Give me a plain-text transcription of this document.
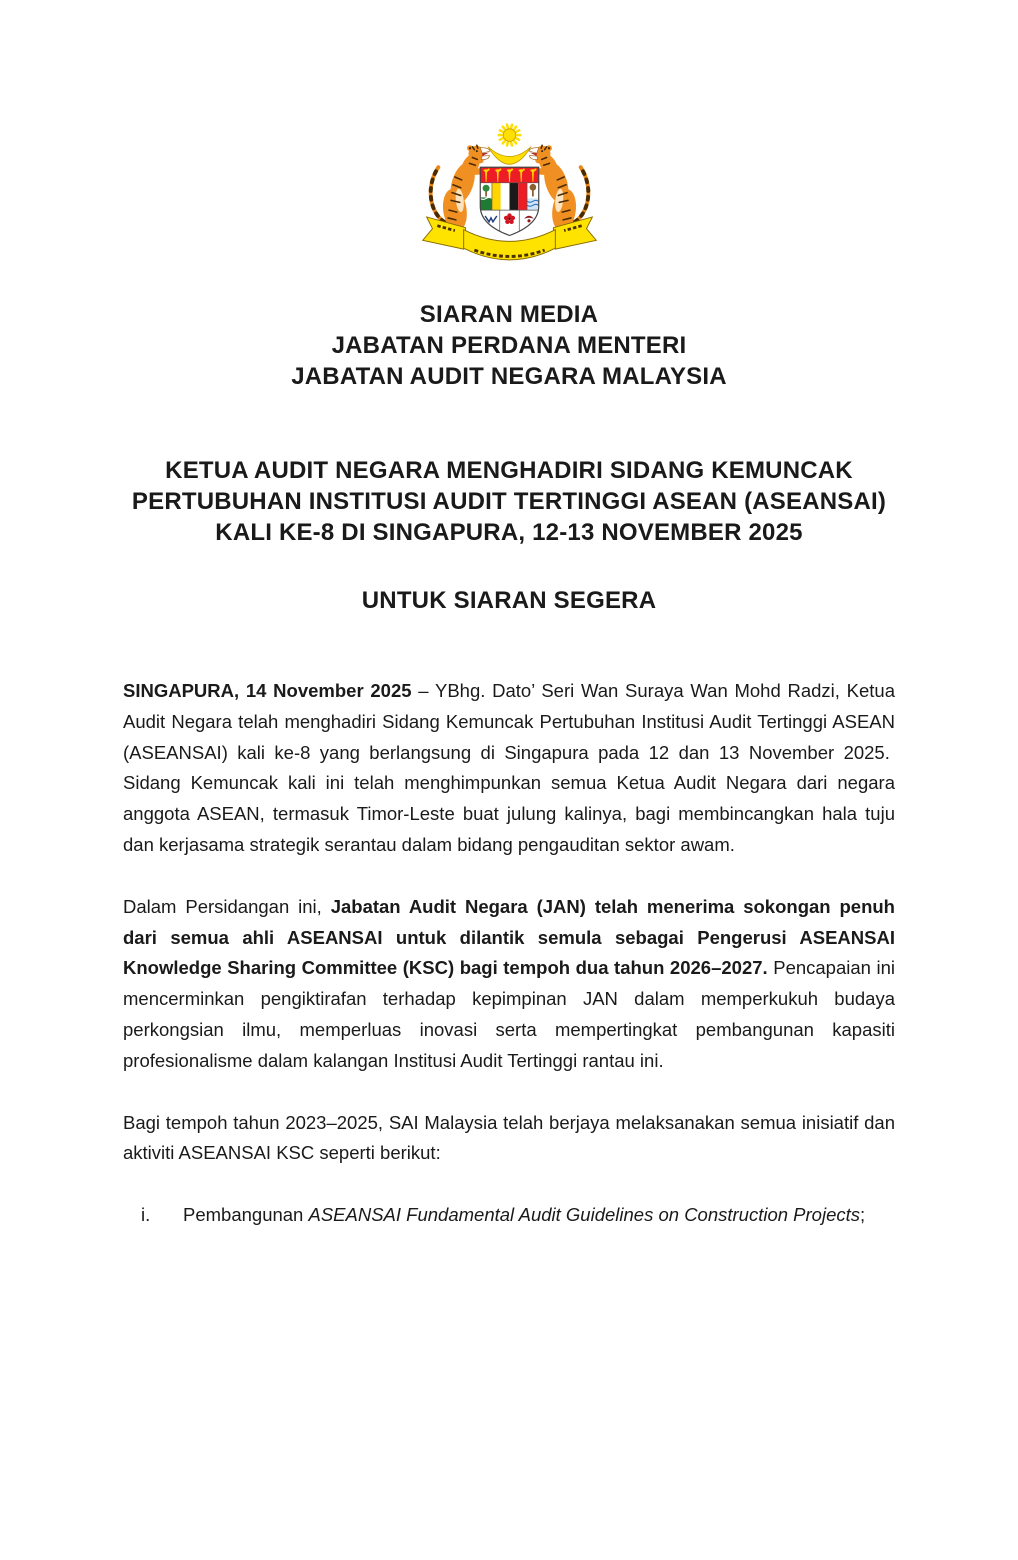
SIARAN MEDIA
JABATAN PERDANA MENTERI
JABATAN AUDIT NEGARA MALAYSIA
KETUA AUDIT NEGARA MENGHADIRI SIDANG KEMUNCAK
PERTUBUHAN INSTITUSI AUDIT TERTINGGI ASEAN (ASEANSAI)
KALI KE-8 DI SINGAPURA, 12-13 NOVEMBER 2025
UNTUK SIARAN SEGERA

SINGAPURA, 14 November 2025 – YBhg. Dato’ Seri Wan Suraya Wan Mohd Radzi, Ketua Audit Negara telah menghadiri Sidang Kemuncak Pertubuhan Institusi Audit Tertinggi ASEAN (ASEANSAI) kali ke-8 yang berlangsung di Singapura pada 12 dan 13 November 2025.  Sidang Kemuncak kali ini telah menghimpunkan semua Ketua Audit Negara dari negara anggota ASEAN, termasuk Timor-Leste buat julung kalinya, bagi membincangkan hala tuju dan kerjasama strategik serantau dalam bidang pengauditan sektor awam.

Dalam Persidangan ini, Jabatan Audit Negara (JAN) telah menerima sokongan penuh dari semua ahli ASEANSAI untuk dilantik semula sebagai Pengerusi ASEANSAI Knowledge Sharing Committee (KSC) bagi tempoh dua tahun 2026–2027. Pencapaian ini mencerminkan pengiktirafan terhadap kepimpinan JAN dalam memperkukuh budaya perkongsian ilmu, memperluas inovasi serta mempertingkat pembangunan kapasiti profesionalisme dalam kalangan Institusi Audit Tertinggi rantau ini.

Bagi tempoh tahun 2023–2025, SAI Malaysia telah berjaya melaksanakan semua inisiatif dan aktiviti ASEANSAI KSC seperti berikut:

i.	Pembangunan ASEANSAI Fundamental Audit Guidelines on Construction Projects;
